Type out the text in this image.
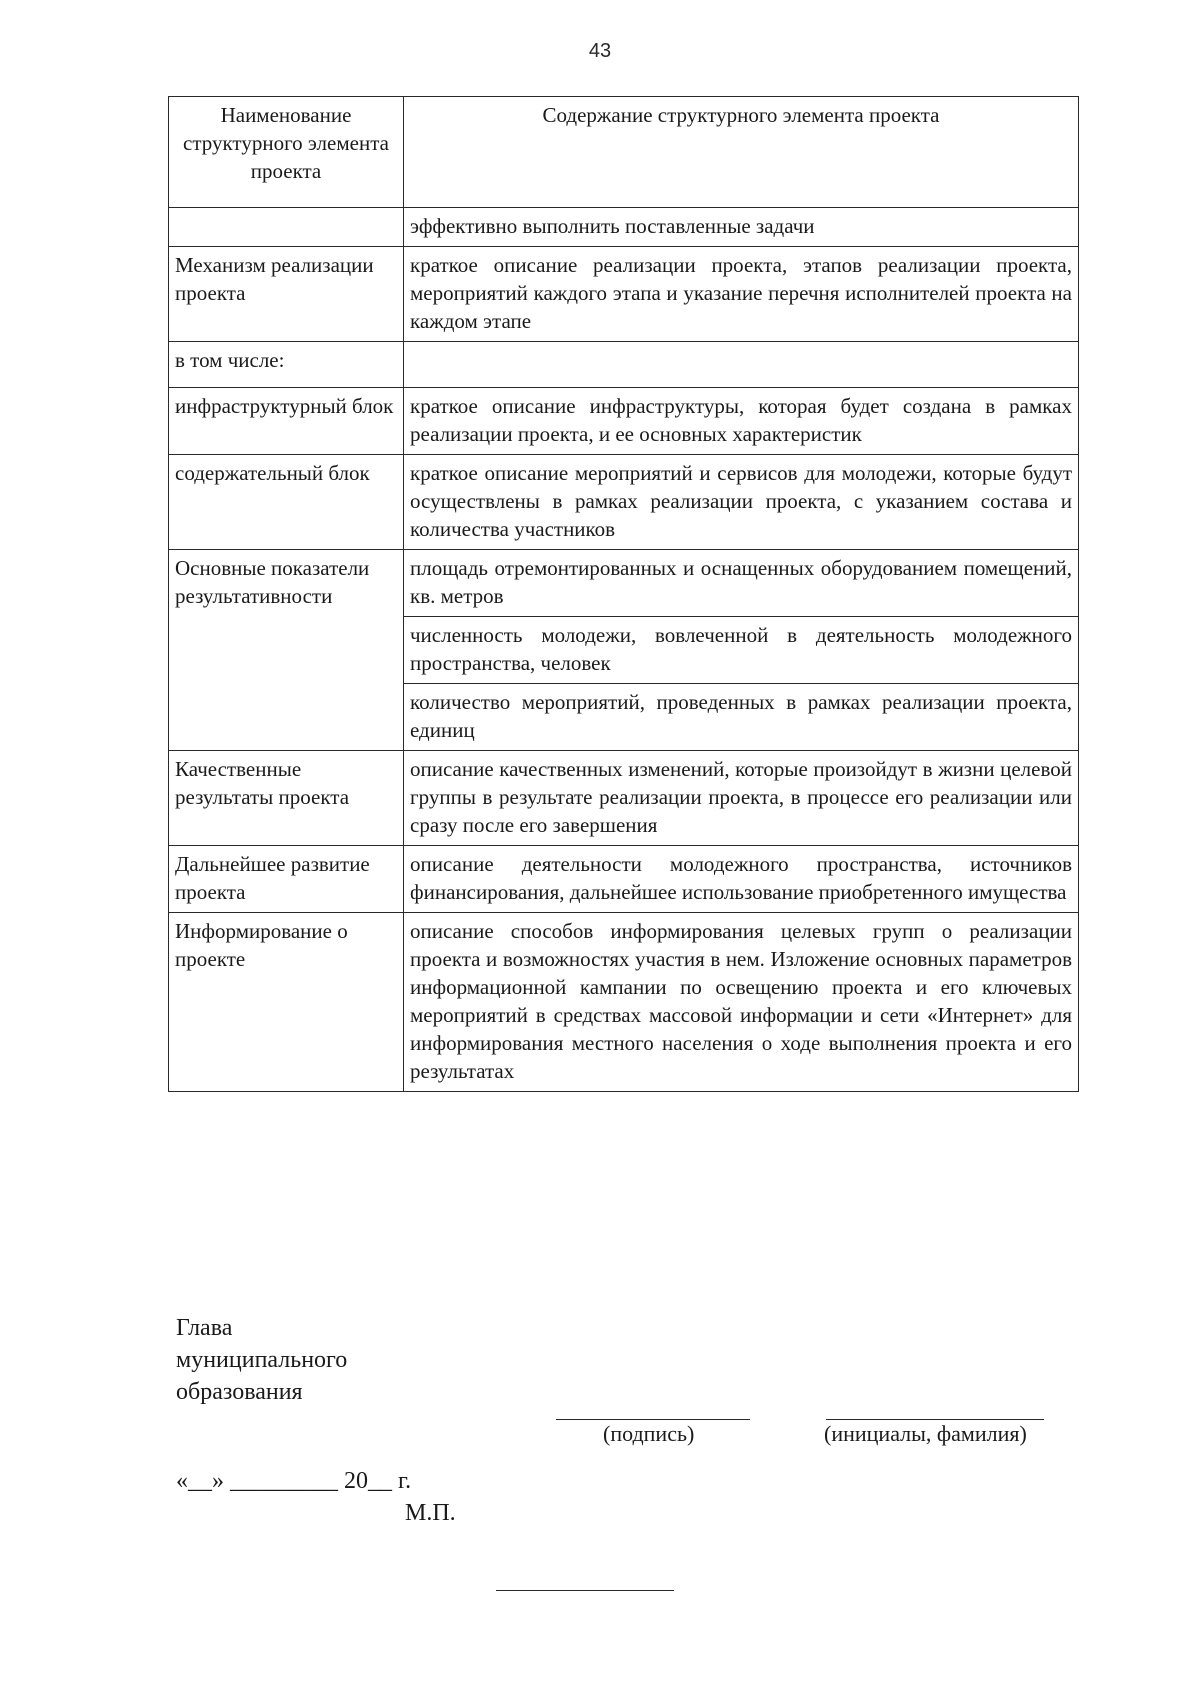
43
Наименование структурного элемента проекта	Содержание структурного элемента проекта
	эффективно выполнить поставленные задачи
Механизм реализации проекта	краткое описание реализации проекта, этапов реализации проекта, мероприятий каждого этапа и указание перечня исполнителей проекта на каждом этапе
в том числе:	
инфраструктурный блок	краткое описание инфраструктуры, которая будет создана в рамках реализации проекта, и ее основных характеристик
содержательный блок	краткое описание мероприятий и сервисов для молодежи, которые будут осуществлены в рамках реализации проекта, с указанием состава и количества участников
Основные показатели результативности	площадь отремонтированных и оснащенных оборудованием помещений, кв. метров
	численность молодежи, вовлеченной в деятельность молодежного пространства, человек
	количество мероприятий, проведенных в рамках реализации проекта, единиц
Качественные результаты проекта	описание качественных изменений, которые произойдут в жизни целевой группы в результате реализации проекта, в процессе его реализации или сразу после его завершения
Дальнейшее развитие проекта	описание деятельности молодежного пространства, источников финансирования, дальнейшее использование приобретенного имущества
Информирование о проекте	описание способов информирования целевых групп о реализации проекта и возможностях участия в нем. Изложение основных параметров информационной кампании по освещению проекта и его ключевых мероприятий в средствах массовой информации и сети «Интернет» для информирования местного населения о ходе выполнения проекта и его результатах
Глава
муниципального
образования
(подпись)	(инициалы, фамилия)
«__» _________ 20__ г.
М.П.
